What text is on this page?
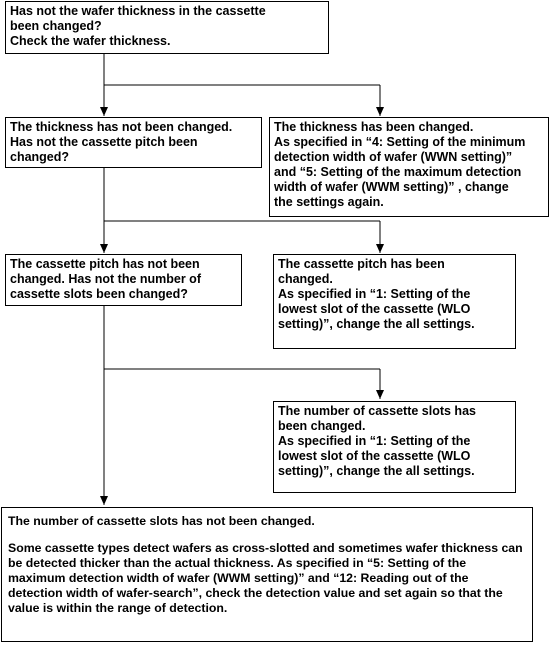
Has not the wafer thickness in the cassette
been changed?
Check the wafer thickness.
The thickness has not been changed.
Has not the cassette pitch been
changed?
The thickness has been changed.
As specified in “4: Setting of the minimum
detection width of wafer (WWN setting)”
and “5: Setting of the maximum detection
width of wafer (WWM setting)” , change
the settings again.
The cassette pitch has not been
changed. Has not the number of
cassette slots been changed?
The cassette pitch has been
changed.
As specified in “1: Setting of the
lowest slot of the cassette (WLO
setting)”, change the all settings.
The number of cassette slots has
been changed.
As specified in “1: Setting of the
lowest slot of the cassette (WLO
setting)”, change the all settings.
The number of cassette slots has not been changed.
Some cassette types detect wafers as cross-slotted and sometimes wafer thickness can be detected thicker than the actual thickness. As specified in “5: Setting of the maximum detection width of wafer (WWM setting)” and “12: Reading out of the detection width of wafer-search”, check the detection value and set again so that the value is within the range of detection.
